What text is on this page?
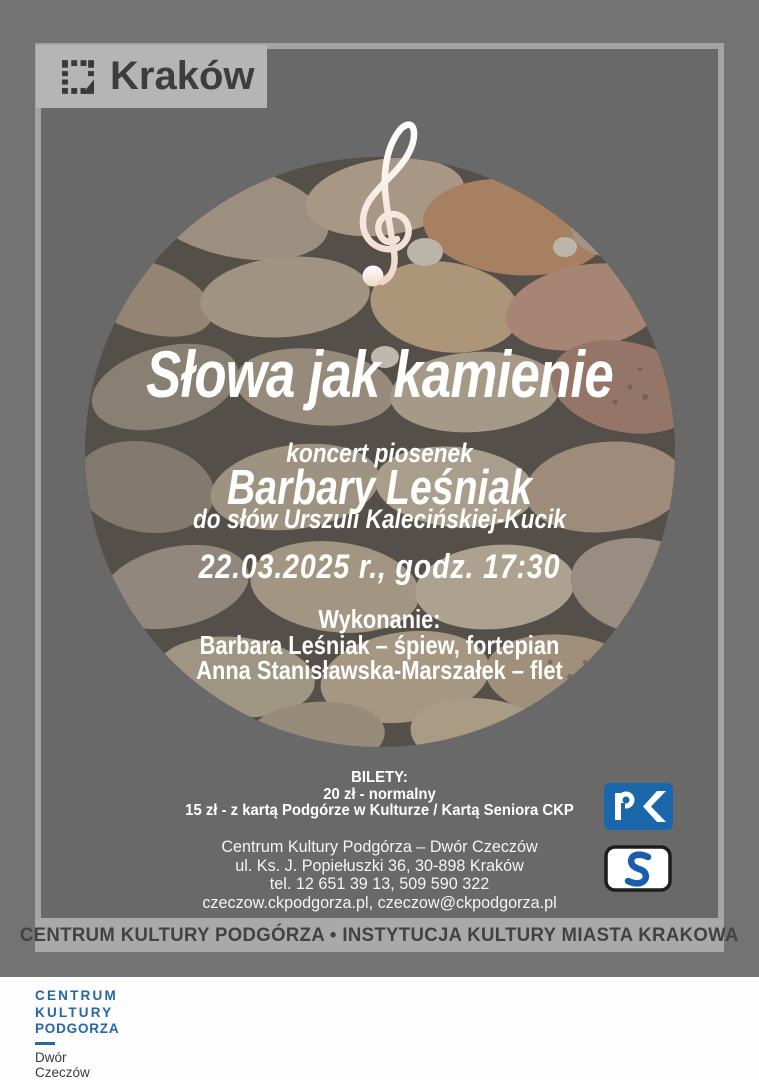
Kraków
Słowa jak kamienie
koncert piosenek
Barbary Leśniak
do słów Urszuli Kalecińskiej-Kucik
22.03.2025 r., godz. 17:30
Wykonanie:
Barbara Leśniak – śpiew, fortepian
Anna Stanisławska-Marszałek – flet
BILETY:
20 zł - normalny
15 zł - z kartą Podgórze w Kulturze / Kartą Seniora CKP
Centrum Kultury Podgórza – Dwór Czeczów
ul. Ks. J. Popiełuszki 36, 30-898 Kraków
tel. 12 651 39 13, 509 590 322
czeczow.ckpodgorza.pl, czeczow@ckpodgorza.pl
CENTRUM KULTURY PODGÓRZA • INSTYTUCJA KULTURY MIASTA KRAKOWA
CENTRUM
KULTURY
PODGORZA
Dwór
Czeczów
